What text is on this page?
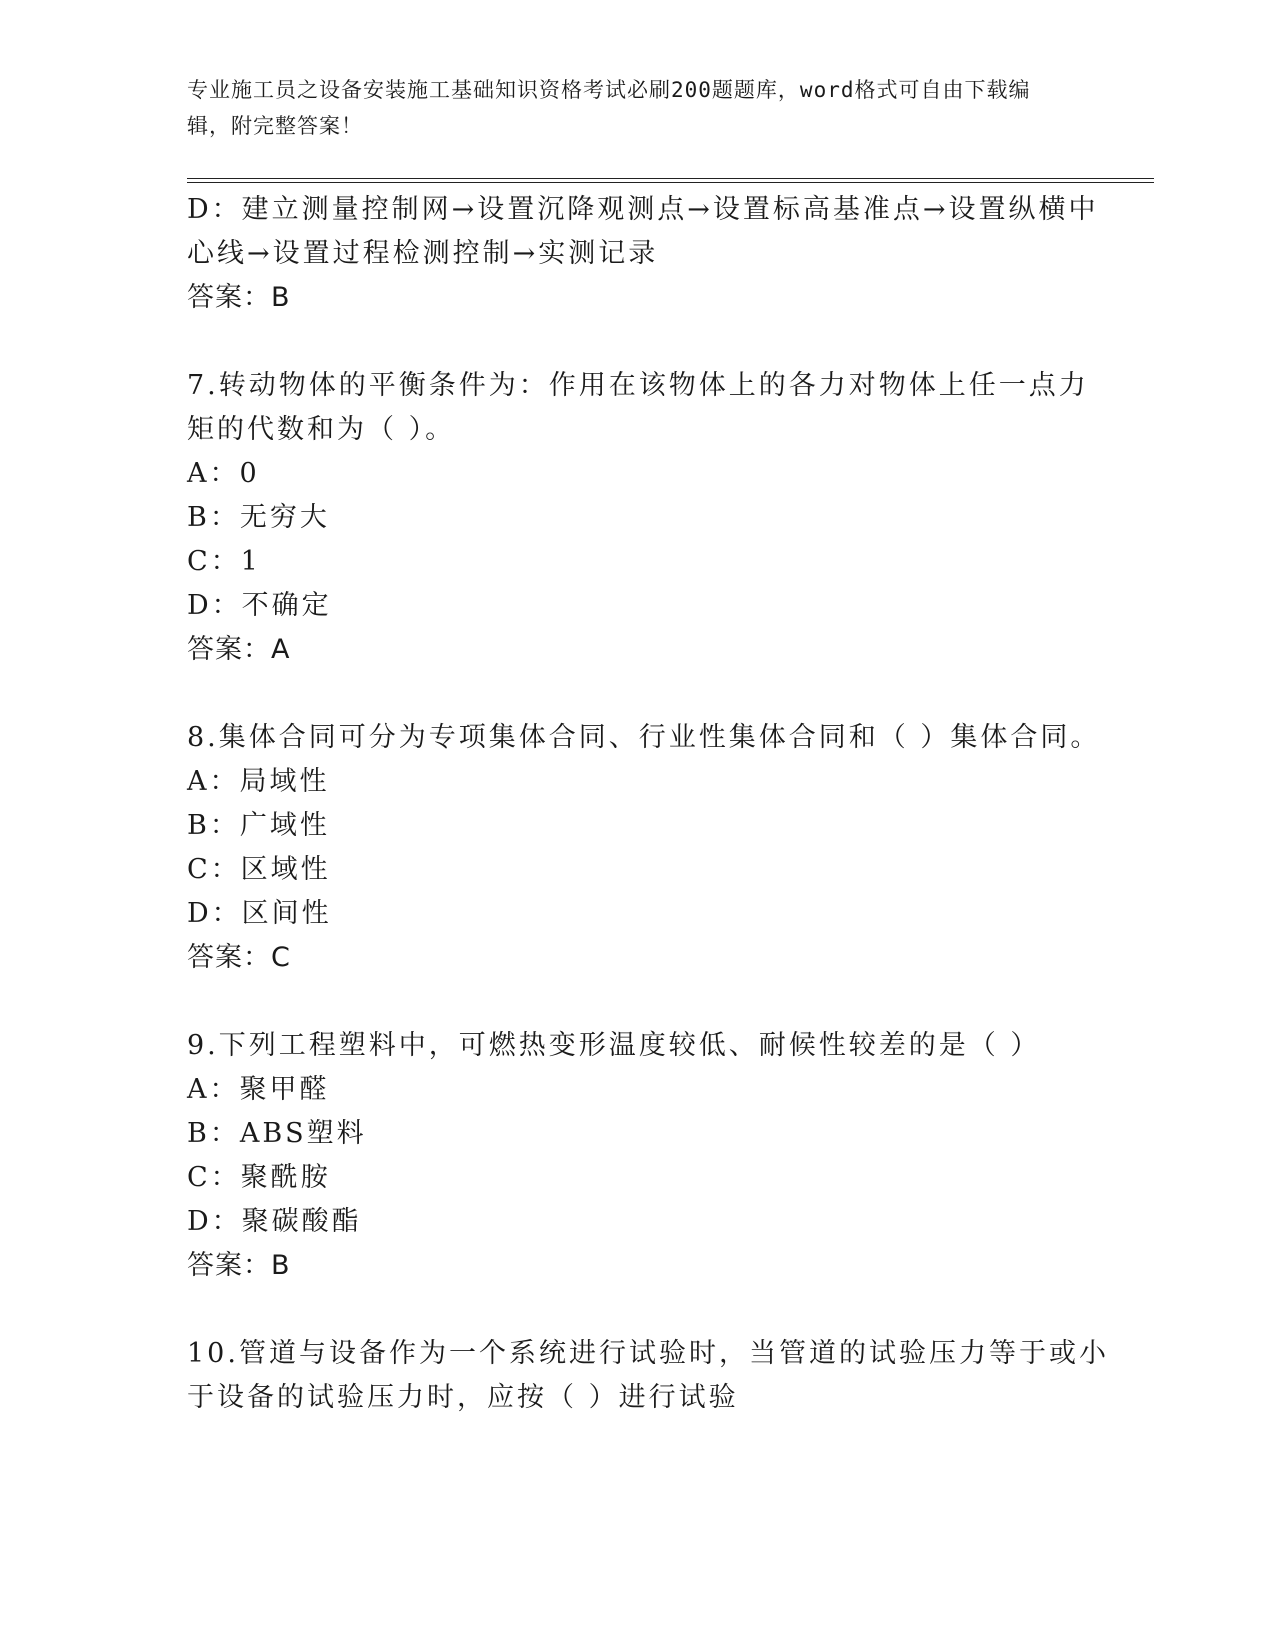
专业施工员之设备安装施工基础知识资格考试必刷200题题库，word格式可自由下载编辑，附完整答案！
D：建立测量控制网→设置沉降观测点→设置标高基准点→设置纵横中
心线→设置过程检测控制→实测记录
答案：B
7.转动物体的平衡条件为：作用在该物体上的各力对物体上任一点力
矩的代数和为（ ）。
A：0
B：无穷大
C：1
D：不确定
答案：A
8.集体合同可分为专项集体合同、行业性集体合同和（ ）集体合同。
A：局域性
B：广域性
C：区域性
D：区间性
答案：C
9.下列工程塑料中，可燃热变形温度较低、耐候性较差的是（ ）
A：聚甲醛
B：ABS塑料
C：聚酰胺
D：聚碳酸酯
答案：B
10.管道与设备作为一个系统进行试验时，当管道的试验压力等于或小
于设备的试验压力时，应按（ ）进行试验
